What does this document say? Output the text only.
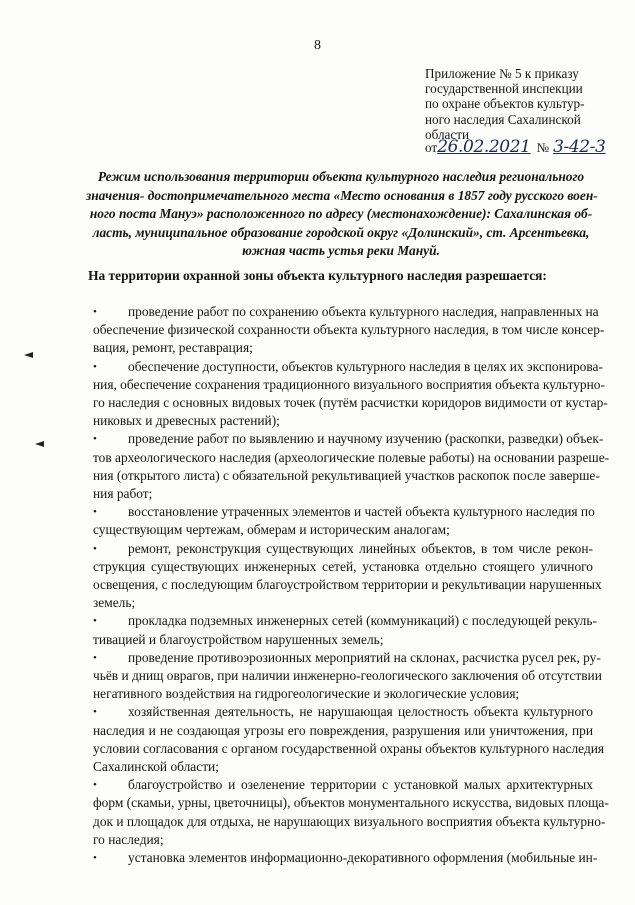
8
Приложение № 5 к приказу
государственной инспекции
по охране объектов культур-
ного наследия Сахалинской
области
от26.02.2021 № 3-42-3
Режим использования территории объекта культурного наследия регионального
значения- достопримечательного места «Место основания в 1857 году русского воен-
ного поста Мануэ» расположенного по адресу (местонахождение): Сахалинская об-
ласть, муниципальное образование городской округ «Долинский», ст. Арсентьевка,
южная часть устья реки Мануй.
На территории охранной зоны объекта культурного наследия разрешается:
•	проведение работ по сохранению объекта культурного наследия, направленных на
обеспечение физической сохранности объекта культурного наследия, в том числе консер-
вация, ремонт, реставрация;
•	обеспечение доступности, объектов культурного наследия в целях их экспонирова-
ния, обеспечение сохранения традиционного визуального восприятия объекта культурно-
го наследия с основных видовых точек (путём расчистки коридоров видимости от кустар-
никовых и древесных растений);
•	проведение работ по выявлению и научному изучению (раскопки, разведки) объек-
тов археологического наследия (археологические полевые работы) на основании разреше-
ния (открытого листа) с обязательной рекультивацией участков раскопок после заверше-
ния работ;
•	восстановление утраченных элементов и частей объекта культурного наследия по
существующим чертежам, обмерам и историческим аналогам;
•	ремонт, реконструкция существующих линейных объектов, в том числе рекон-
струкция существующих инженерных сетей, установка отдельно стоящего уличного
освещения, с последующим благоустройством территории и рекультивации нарушенных
земель;
•	прокладка подземных инженерных сетей (коммуникаций) с последующей рекуль-
тивацией и благоустройством нарушенных земель;
•	проведение противоэрозионных мероприятий на склонах, расчистка русел рек, ру-
чьёв и днищ оврагов, при наличии инженерно-геологического заключения об отсутствии
негативного воздействия на гидрогеологические и экологические условия;
•	хозяйственная деятельность, не нарушающая целостность объекта культурного
наследия и не создающая угрозы его повреждения, разрушения или уничтожения, при
условии согласования с органом государственной охраны объектов культурного наследия
Сахалинской области;
•	благоустройство и озеленение территории с установкой малых архитектурных
форм (скамьи, урны, цветочницы), объектов монументального искусства, видовых площа-
док и площадок для отдыха, не нарушающих визуального восприятия объекта культурно-
го наследия;
•	установка элементов информационно-декоративного оформления (мобильные ин-
